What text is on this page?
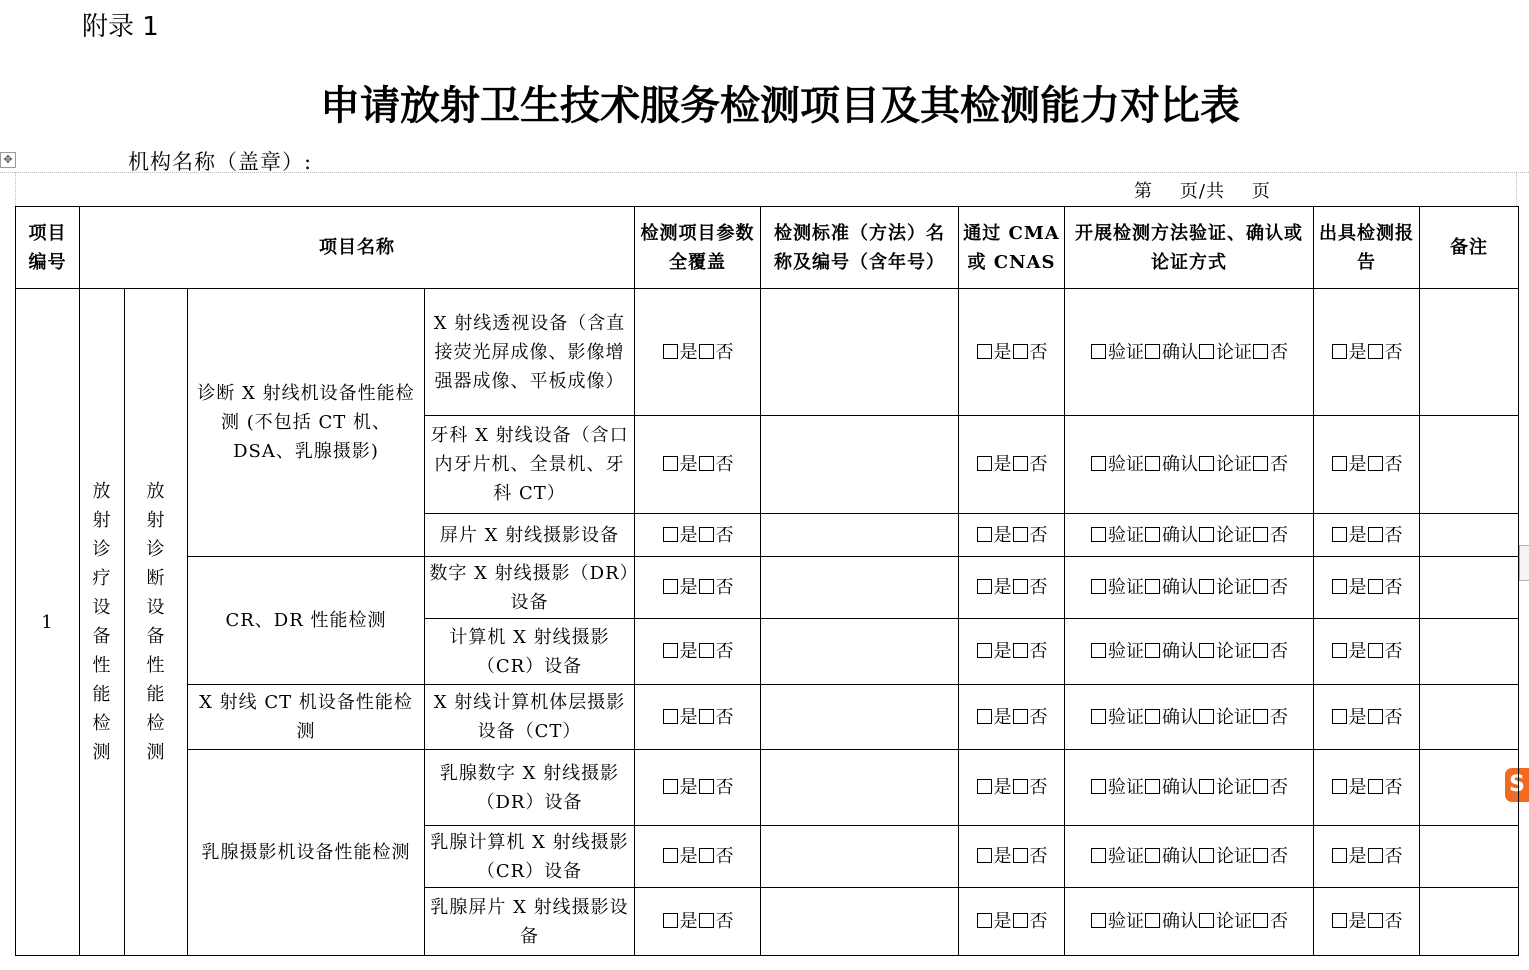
附录 1
申请放射卫生技术服务检测项目及其检测能力对比表
✥	机构名称（盖章）:
第    页/共    页
S
项目编号	项目名称				检测项目参数全覆盖	检测标准（方法）名称及编号（含年号）	通过 CMA 或 CNAS	开展检测方法验证、确认或论证方式	出具检测报告	备注
1	放射诊疗设备性能检测	放射诊断设备性能检测	诊断 X 射线机设备性能检测 (不包括 CT 机、DSA、乳腺摄影)	X 射线透视设备（含直接荧光屏成像、影像增强器成像、平板成像）	是 否		是 否	验证 确认 论证 否	是 否	
				牙科 X 射线设备（含口内牙片机、全景机、牙科 CT）	是 否		是 否	验证 确认 论证 否	是 否	
				屏片 X 射线摄影设备	是 否		是 否	验证 确认 论证 否	是 否	
			CR、DR 性能检测	数字 X 射线摄影（DR）设备	是 否		是 否	验证 确认 论证 否	是 否	
				计算机 X 射线摄影（CR）设备	是 否		是 否	验证 确认 论证 否	是 否	
			X 射线 CT 机设备性能检测	X 射线计算机体层摄影设备（CT）	是 否		是 否	验证 确认 论证 否	是 否	
			乳腺摄影机设备性能检测	乳腺数字 X 射线摄影（DR）设备	是 否		是 否	验证 确认 论证 否	是 否	
				乳腺计算机 X 射线摄影（CR）设备	是 否		是 否	验证 确认 论证 否	是 否	
				乳腺屏片 X 射线摄影设备	是 否		是 否	验证 确认 论证 否	是 否	
